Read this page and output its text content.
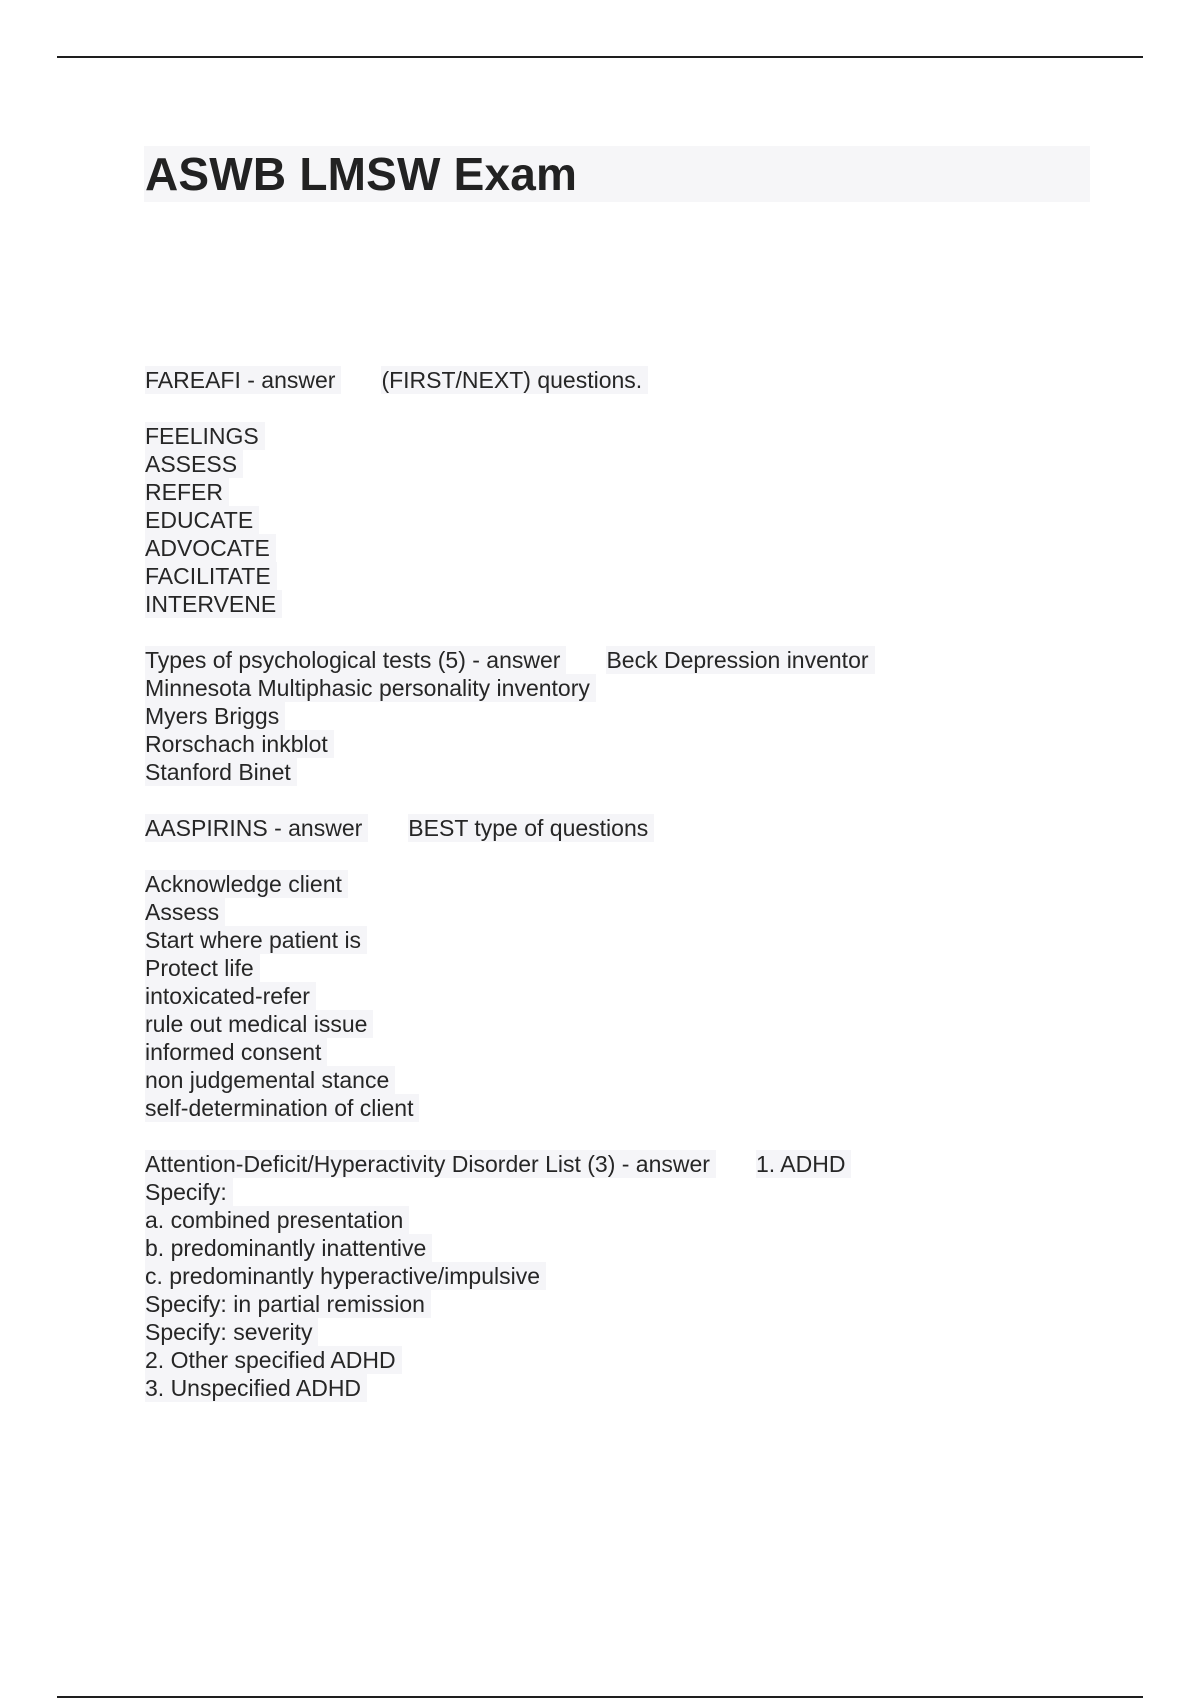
ASWB LMSW Exam
FAREAFI - answer (FIRST/NEXT) questions.

FEELINGS
ASSESS
REFER
EDUCATE
ADVOCATE
FACILITATE
INTERVENE
Types of psychological tests (5) - answer Beck Depression inventor
Minnesota Multiphasic personality inventory
Myers Briggs
Rorschach inkblot
Stanford Binet
AASPIRINS - answer BEST type of questions

Acknowledge client
Assess
Start where patient is
Protect life
intoxicated-refer
rule out medical issue
informed consent
non judgemental stance
self-determination of client
Attention-Deficit/Hyperactivity Disorder List (3) - answer 1. ADHD
Specify:
a. combined presentation
b. predominantly inattentive
c. predominantly hyperactive/impulsive
Specify: in partial remission
Specify: severity
2. Other specified ADHD
3. Unspecified ADHD
